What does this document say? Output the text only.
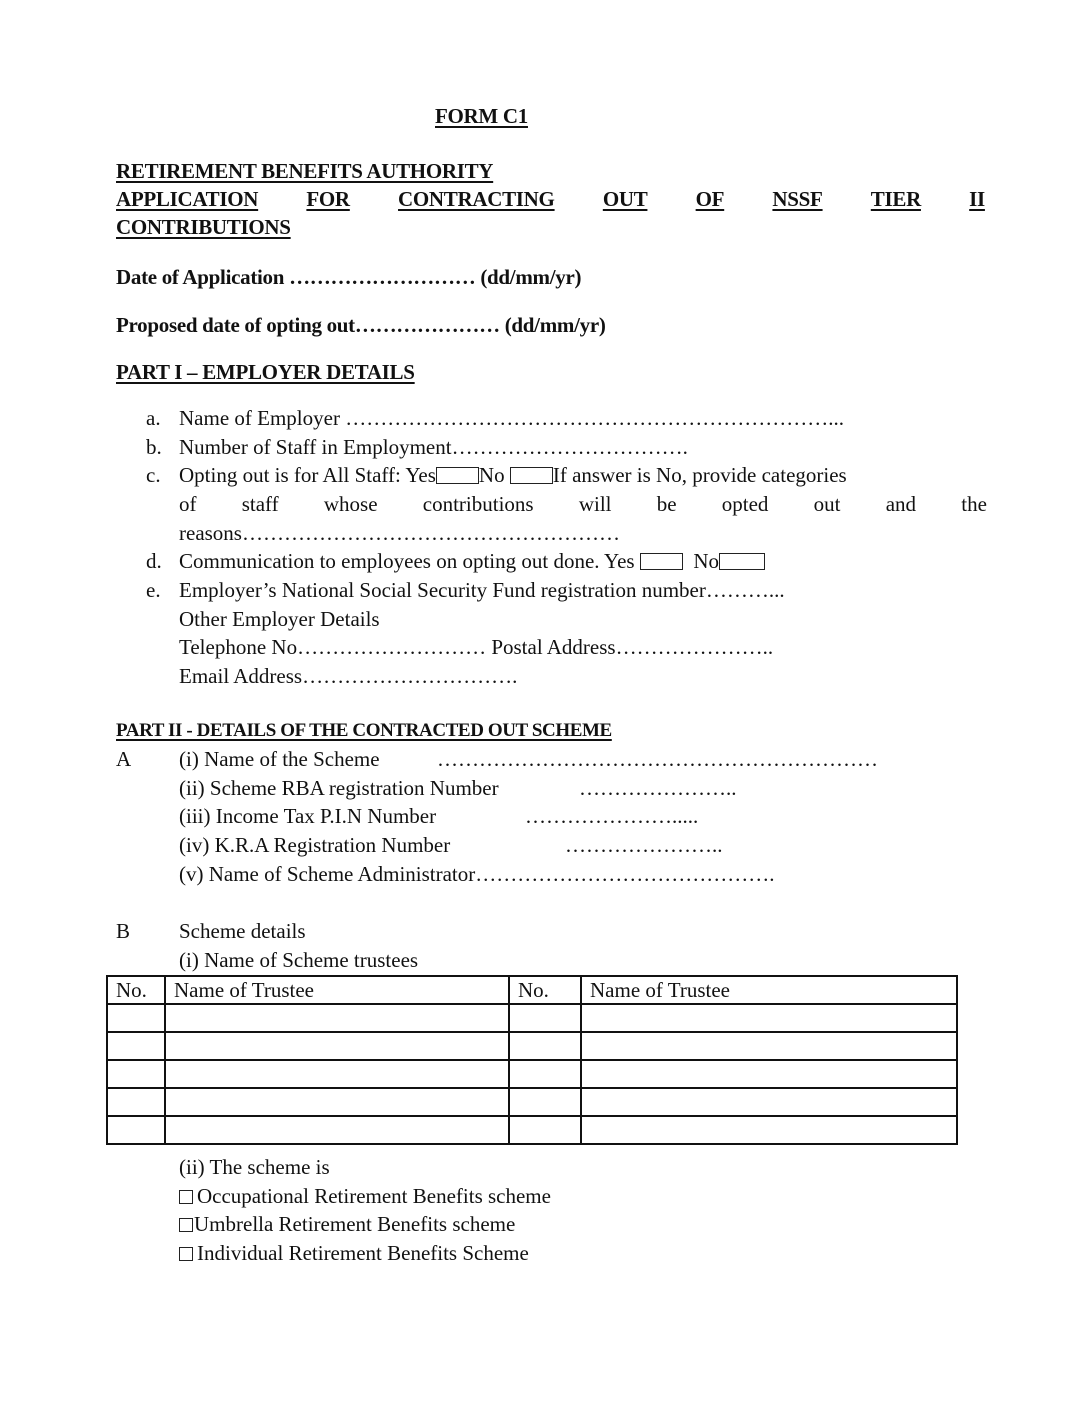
FORM C1
RETIREMENT BENEFITS AUTHORITY
APPLICATION FOR CONTRACTING OUT OF NSSF TIER II
CONTRIBUTIONS
Date of Application ……………………… (dd/mm/yr)
Proposed date of opting out………………… (dd/mm/yr)
PART I – EMPLOYER DETAILS
a. Name of Employer ……………………………………………………………...
b. Number of Staff in Employment…………………………….
c. Opting out is for All Staff: Yes No If answer is No, provide categories
of staff whose contributions will be opted out and the
reasons………………………………………………
d. Communication to employees on opting out done. Yes	No
e. Employer’s National Social Security Fund registration number………...
Other Employer Details
Telephone No……………………… Postal Address…………………..
Email Address………………………….
PART II - DETAILS OF THE CONTRACTED OUT SCHEME
A (i) Name of the Scheme	………………………………………………………
(ii) Scheme RBA registration Number	…………………..
(iii) Income Tax P.I.N Number	………………….....
(iv) K.R.A Registration Number	…………………..
(v) Name of Scheme Administrator…………………………………….
B Scheme details
(i) Name of Scheme trustees
No.	Name of Trustee	No.	Name of Trustee

(ii) The scheme is
Occupational Retirement Benefits scheme
Umbrella Retirement Benefits scheme
Individual Retirement Benefits Scheme
